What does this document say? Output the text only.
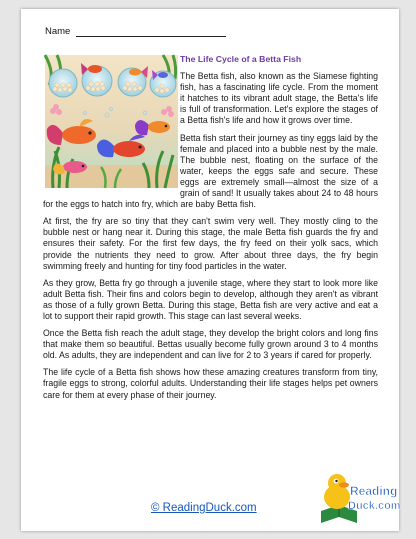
Name
The Life Cycle of a Betta Fish

The Betta fish, also known as the Siamese fighting fish, has a fascinating life cycle. From the moment it hatches to its vibrant adult stage, the Betta's life is full of transformation. Let's explore the stages of a Betta fish's life and how it grows over time.

Betta fish start their journey as tiny eggs laid by the female and placed into a bubble nest by the male. The bubble nest, floating on the surface of the water, keeps the eggs safe and secure. These eggs are extremely small—almost the size of a grain of sand! It usually takes about 24 to 48 hours for the eggs to hatch into fry, which are baby Betta fish.

At first, the fry are so tiny that they can't swim very well. They mostly cling to the bubble nest or hang near it. During this stage, the male Betta fish guards the fry and ensures their safety. For the first few days, the fry feed on their yolk sacs, which provide the nutrients they need to grow. After about three days, the fry begin swimming freely and hunting for tiny food particles in the water.

As they grow, Betta fry go through a juvenile stage, where they start to look more like adult Betta fish. Their fins and colors begin to develop, although they aren't as vibrant as those of a fully grown Betta. During this stage, Betta fish are very active and eat a lot to support their rapid growth. This stage can last several weeks.

Once the Betta fish reach the adult stage, they develop the bright colors and long fins that make them so beautiful. Bettas usually become fully grown around 3 to 4 months old. As adults, they are independent and can live for 2 to 3 years if cared for properly.

The life cycle of a Betta fish shows how these amazing creatures transform from tiny, fragile eggs to strong, colorful adults. Understanding their life stages helps pet owners care for them at every phase of their journey.

© ReadingDuck.com
Reading
Duck.com
